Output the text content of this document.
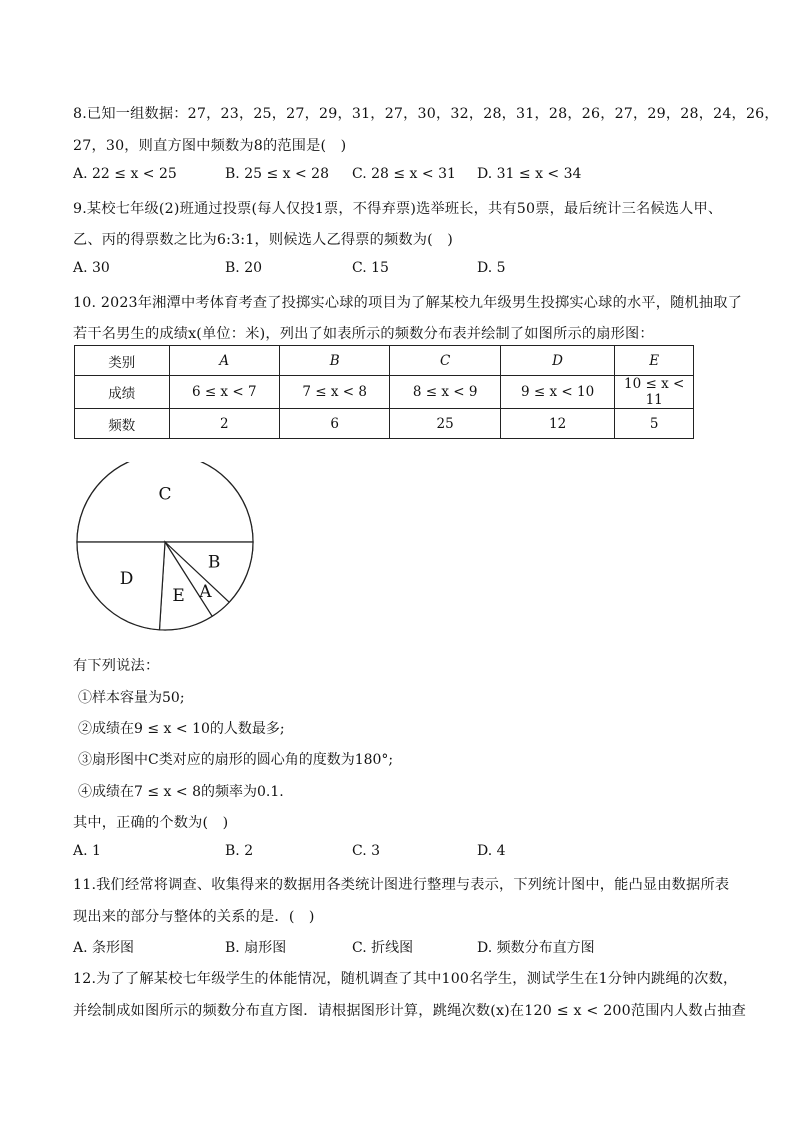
8.已知一组数据：27，23，25，27，29，31，27，30，32，28，31，28，26，27，29，28，24，26，
27，30，则直方图中频数为8的范围是(　)
A. 22 ≤ x < 25	B. 25 ≤ x < 28 C. 28 ≤ x < 31 D. 31 ≤ x < 34
9.某校七年级(2)班通过投票(每人仅投1票，不得弃票)选举班长，共有50票，最后统计三名候选人甲、
乙、丙的得票数之比为6:3:1，则候选人乙得票的频数为(　)
A. 30	B. 20	C. 15	D. 5
10. 2023年湘潭中考体育考查了投掷实心球的项目为了解某校九年级男生投掷实心球的水平，随机抽取了
若干名男生的成绩x(单位：米)，列出了如表所示的频数分布表并绘制了如图所示的扇形图：
类别	A	B	C	D	E
成绩	6 ≤ x < 7	7 ≤ x < 8	8 ≤ x < 9	9 ≤ x < 10	10 ≤ x < 11
频数	2	6	25	12	5
C
B
A
E
D
有下列说法：
①样本容量为50;
②成绩在9 ≤ x < 10的人数最多;
③扇形图中C类对应的扇形的圆心角的度数为180°;
④成绩在7 ≤ x < 8的频率为0.1.
其中，正确的个数为(　)
A. 1	B. 2	C. 3	D. 4
11.我们经常将调查、收集得来的数据用各类统计图进行整理与表示，下列统计图中，能凸显由数据所表
现出来的部分与整体的关系的是．(　)
A. 条形图	B. 扇形图	C. 折线图	D. 频数分布直方图
12.为了了解某校七年级学生的体能情况，随机调查了其中100名学生，测试学生在1分钟内跳绳的次数，
并绘制成如图所示的频数分布直方图．请根据图形计算，跳绳次数(x)在120 ≤ x < 200范围内人数占抽查
